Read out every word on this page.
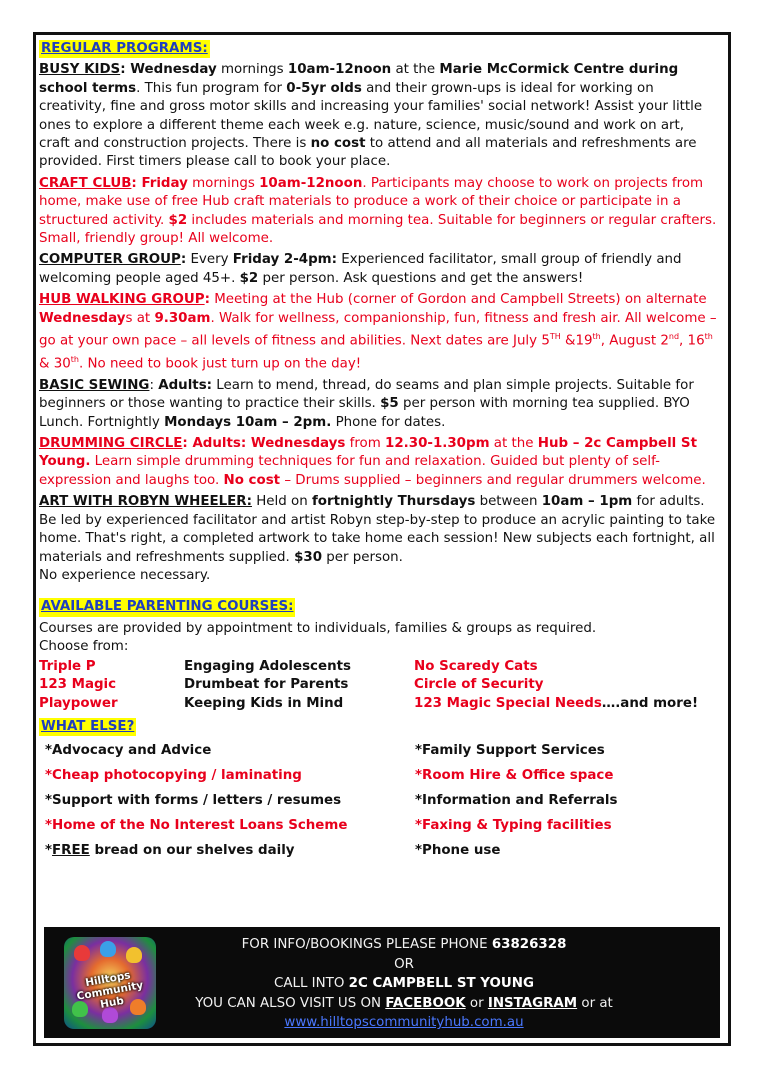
REGULAR PROGRAMS:

BUSY KIDS: Wednesday mornings 10am-12noon at the Marie McCormick Centre during school terms. This fun program for 0-5yr olds and their grown-ups is ideal for working on creativity, fine and gross motor skills and increasing your families' social network! Assist your little ones to explore a different theme each week e.g. nature, science, music/sound and work on art, craft and construction projects. There is no cost to attend and all materials and refreshments are provided. First timers please call to book your place.

CRAFT CLUB: Friday mornings 10am-12noon. Participants may choose to work on projects from home, make use of free Hub craft materials to produce a work of their choice or participate in a structured activity. $2 includes materials and morning tea. Suitable for beginners or regular crafters. Small, friendly group! All welcome.

COMPUTER GROUP: Every Friday 2-4pm: Experienced facilitator, small group of friendly and welcoming people aged 45+. $2 per person. Ask questions and get the answers!

HUB WALKING GROUP: Meeting at the Hub (corner of Gordon and Campbell Streets) on alternate Wednesdays at 9.30am. Walk for wellness, companionship, fun, fitness and fresh air. All welcome – go at your own pace – all levels of fitness and abilities. Next dates are July 5TH &19th, August 2nd, 16th & 30th. No need to book just turn up on the day!

BASIC SEWING: Adults: Learn to mend, thread, do seams and plan simple projects. Suitable for beginners or those wanting to practice their skills. $5 per person with morning tea supplied. BYO Lunch. Fortnightly Mondays 10am – 2pm. Phone for dates.

DRUMMING CIRCLE: Adults: Wednesdays from 12.30-1.30pm at the Hub – 2c Campbell St Young. Learn simple drumming techniques for fun and relaxation. Guided but plenty of self-expression and laughs too. No cost – Drums supplied – beginners and regular drummers welcome.

ART WITH ROBYN WHEELER: Held on fortnightly Thursdays between 10am – 1pm for adults. Be led by experienced facilitator and artist Robyn step-by-step to produce an acrylic painting to take home. That's right, a completed artwork to take home each session! New subjects each fortnight, all materials and refreshments supplied. $30 per person.
No experience necessary.

AVAILABLE PARENTING COURSES:
Courses are provided by appointment to individuals, families & groups as required.
Choose from:
Triple P	Engaging Adolescents	No Scaredy Cats
123 Magic	Drumbeat for Parents	Circle of Security
Playpower	Keeping Kids in Mind	123 Magic Special Needs….and more!
WHAT ELSE?
*Advocacy and Advice	*Family Support Services
*Cheap photocopying / laminating	*Room Hire & Office space
*Support with forms / letters / resumes	*Information and Referrals
*Home of the No Interest Loans Scheme	*Faxing & Typing facilities
*FREE bread on our shelves daily	*Phone use
Hilltops Community Hub
FOR INFO/BOOKINGS PLEASE PHONE 63826328
OR
CALL INTO 2C CAMPBELL ST YOUNG
YOU CAN ALSO VISIT US ON FACEBOOK or INSTAGRAM or at
www.hilltopscommunityhub.com.au
